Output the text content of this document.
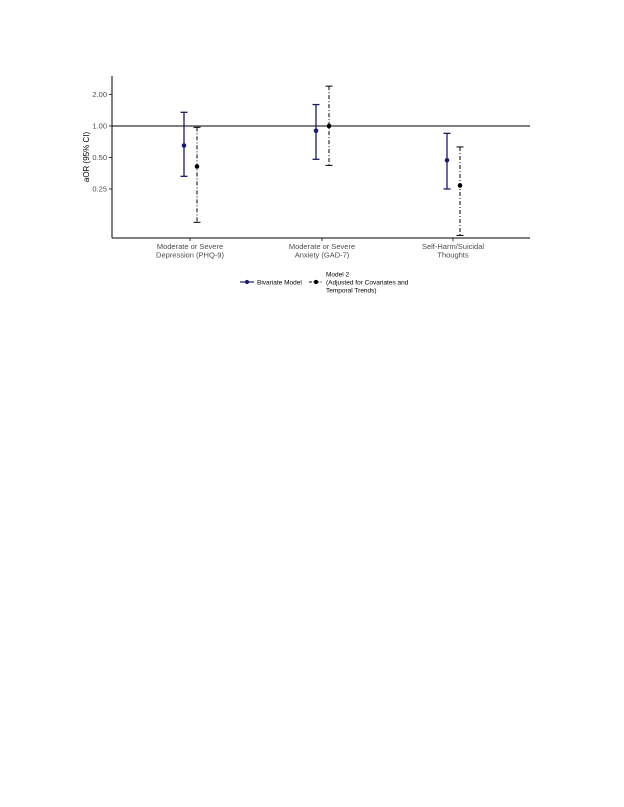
aOR (95% CI)
0.25
0.50
1.00
2.00
Moderate or Severe
Depression (PHQ-9)
Moderate or Severe
Anxiety (GAD-7)
Self-Harm/Suicidal
Thoughts
Bivariate Model
Model 2
(Adjusted for Covariates and
Temporal Trends)
